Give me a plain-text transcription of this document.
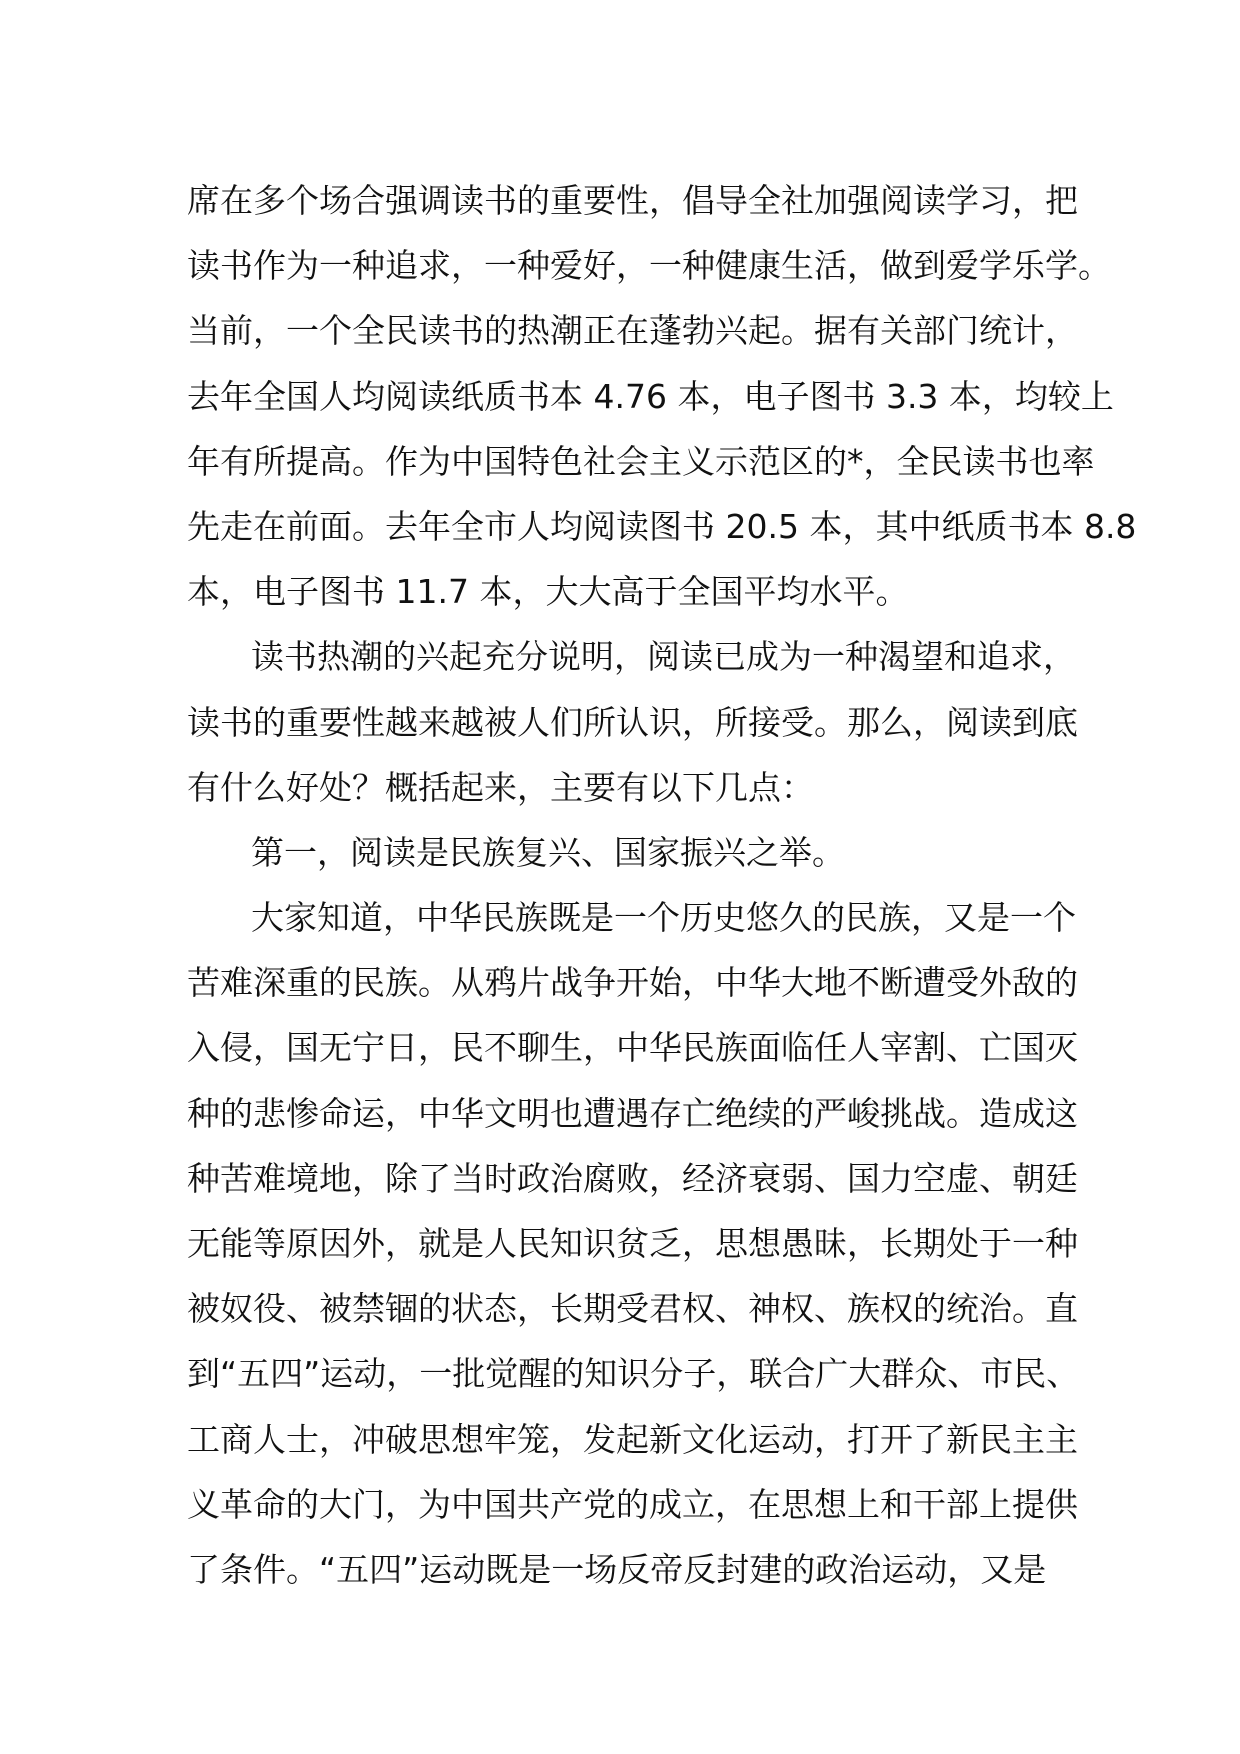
席在多个场合强调读书的重要性，倡导全社加强阅读学习，把
读书作为一种追求，一种爱好，一种健康生活，做到爱学乐学。
当前，一个全民读书的热潮正在蓬勃兴起。据有关部门统计，
去年全国人均阅读纸质书本 4.76 本，电子图书 3.3 本，均较上
年有所提高。作为中国特色社会主义示范区的*，全民读书也率
先走在前面。去年全市人均阅读图书 20.5 本，其中纸质书本 8.8
本，电子图书 11.7 本，大大高于全国平均水平。
读书热潮的兴起充分说明，阅读已成为一种渴望和追求，
读书的重要性越来越被人们所认识，所接受。那么，阅读到底
有什么好处？概括起来，主要有以下几点：
第一，阅读是民族复兴、国家振兴之举。
大家知道，中华民族既是一个历史悠久的民族，又是一个
苦难深重的民族。从鸦片战争开始，中华大地不断遭受外敌的
入侵，国无宁日，民不聊生，中华民族面临任人宰割、亡国灭
种的悲惨命运，中华文明也遭遇存亡绝续的严峻挑战。造成这
种苦难境地，除了当时政治腐败，经济衰弱、国力空虚、朝廷
无能等原因外，就是人民知识贫乏，思想愚昧，长期处于一种
被奴役、被禁锢的状态，长期受君权、神权、族权的统治。直
到“五四”运动，一批觉醒的知识分子，联合广大群众、市民、
工商人士，冲破思想牢笼，发起新文化运动，打开了新民主主
义革命的大门，为中国共产党的成立，在思想上和干部上提供
了条件。“五四”运动既是一场反帝反封建的政治运动，又是
